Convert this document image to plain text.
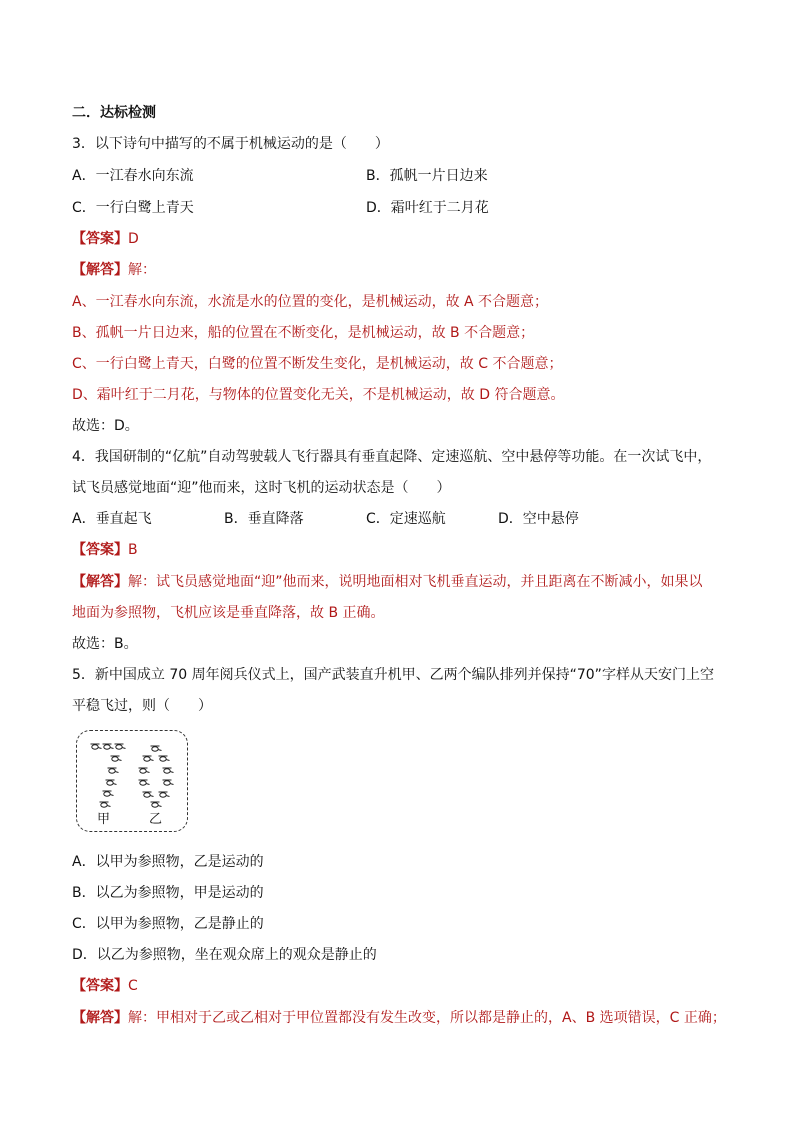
二．达标检测
3．以下诗句中描写的不属于机械运动的是（　　）
A．一江春水向东流	B．孤帆一片日边来
C．一行白鹭上青天	D．霜叶红于二月花
【答案】D
【解答】解：
A、一江春水向东流，水流是水的位置的变化，是机械运动，故 A 不合题意；
B、孤帆一片日边来，船的位置在不断变化，是机械运动，故 B 不合题意；
C、一行白鹭上青天，白鹭的位置不断发生变化，是机械运动，故 C 不合题意；
D、霜叶红于二月花，与物体的位置变化无关，不是机械运动，故 D 符合题意。
故选：D。
4．我国研制的“亿航”自动驾驶载人飞行器具有垂直起降、定速巡航、空中悬停等功能。在一次试飞中，
试飞员感觉地面“迎”他而来，这时飞机的运动状态是（　　）
A．垂直起飞	B．垂直降落	C．定速巡航	D．空中悬停
【答案】B
【解答】解：试飞员感觉地面“迎”他而来，说明地面相对飞机垂直运动，并且距离在不断减小，如果以
地面为参照物，飞机应该是垂直降落，故 B 正确。
故选：B。
5．新中国成立 70 周年阅兵仪式上，国产武装直升机甲、乙两个编队排列并保持“70”字样从天安门上空
平稳飞过，则（　　）
甲	乙
A．以甲为参照物，乙是运动的
B．以乙为参照物，甲是运动的
C．以甲为参照物，乙是静止的
D．以乙为参照物，坐在观众席上的观众是静止的
【答案】C
【解答】解：甲相对于乙或乙相对于甲位置都没有发生改变，所以都是静止的，A、B 选项错误，C 正确；
